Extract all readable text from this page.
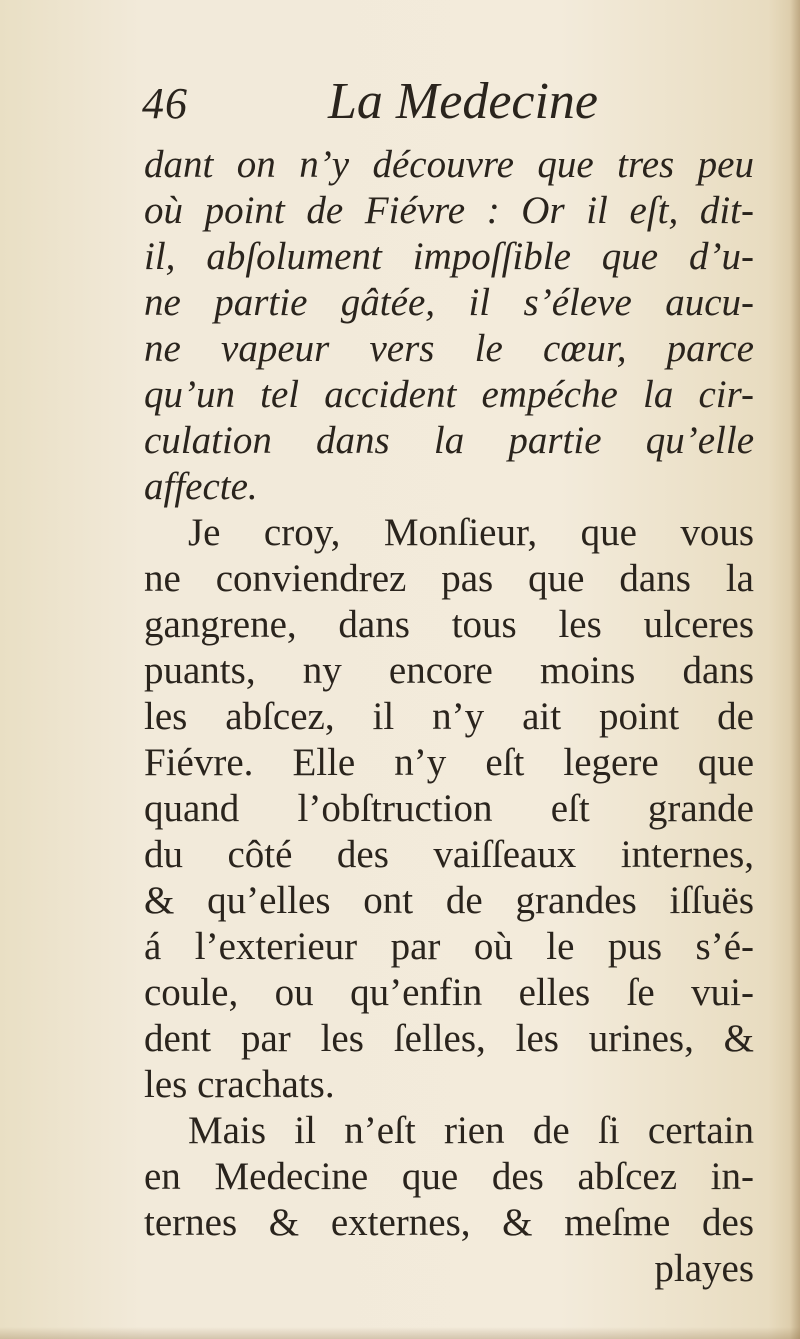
46	La Medecine
dant on n’y découvre que tres peu
où point de Fiévre : Or il eſt, dit-
il, abſolument impoſſible que d’u-
ne partie gâtée, il s’éleve aucu-
ne vapeur vers le cœur, parce
qu’un tel accident empéche la cir-
culation dans la partie qu’elle
affecte.
Je croy, Monſieur, que vous
ne conviendrez pas que dans la
gangrene, dans tous les ulceres
puants, ny encore moins dans
les abſcez, il n’y ait point de
Fiévre. Elle n’y eſt legere que
quand l’obſtruction eſt grande
du côté des vaiſſeaux internes,
& qu’elles ont de grandes iſſuës
á l’exterieur par où le pus s’é-
coule, ou qu’enfin elles ſe vui-
dent par les ſelles, les urines, &
les crachats.
Mais il n’eſt rien de ſi certain
en Medecine que des abſcez in-
ternes & externes, & meſme des
playes
